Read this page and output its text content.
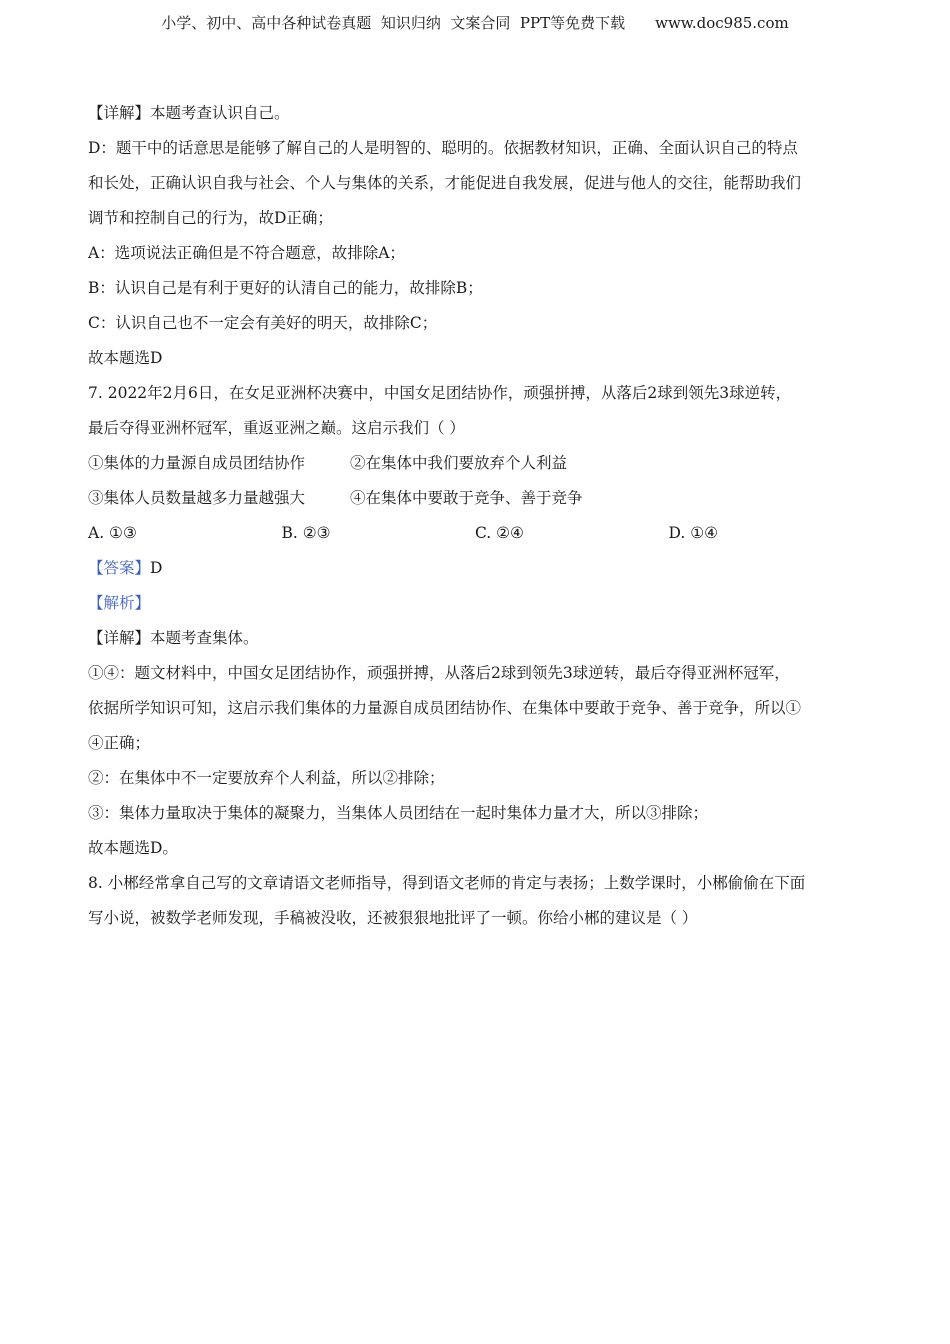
小学、初中、高中各种试卷真题  知识归纳  文案合同  PPT等免费下载 www.doc985.com
【详解】本题考查认识自己。
D：题干中的话意思是能够了解自己的人是明智的、聪明的。依据教材知识，正确、全面认识自己的特点
和长处，正确认识自我与社会、个人与集体的关系，才能促进自我发展，促进与他人的交往，能帮助我们
调节和控制自己的行为，故D正确；
A：选项说法正确但是不符合题意，故排除A；
B：认识自己是有利于更好的认清自己的能力，故排除B；
C：认识自己也不一定会有美好的明天，故排除C；
故本题选D
7. 2022年2月6日，在女足亚洲杯决赛中，中国女足团结协作，顽强拼搏，从落后2球到领先3球逆转，
最后夺得亚洲杯冠军，重返亚洲之巅。这启示我们（ ）
①集体的力量源自成员团结协作	②在集体中我们要放弃个人利益
③集体人员数量越多力量越强大	④在集体中要敢于竞争、善于竞争
A. ①③	B. ②③	C. ②④	D. ①④
【答案】D
【解析】
【详解】本题考查集体。
①④：题文材料中，中国女足团结协作，顽强拼搏，从落后2球到领先3球逆转，最后夺得亚洲杯冠军，
依据所学知识可知，这启示我们集体的力量源自成员团结协作、在集体中要敢于竞争、善于竞争，所以①
④正确；
②：在集体中不一定要放弃个人利益，所以②排除；
③：集体力量取决于集体的凝聚力，当集体人员团结在一起时集体力量才大，所以③排除；
故本题选D。
8. 小郴经常拿自己写的文章请语文老师指导，得到语文老师的肯定与表扬；上数学课时，小郴偷偷在下面
写小说，被数学老师发现，手稿被没收，还被狠狠地批评了一顿。你给小郴的建议是（ ）
